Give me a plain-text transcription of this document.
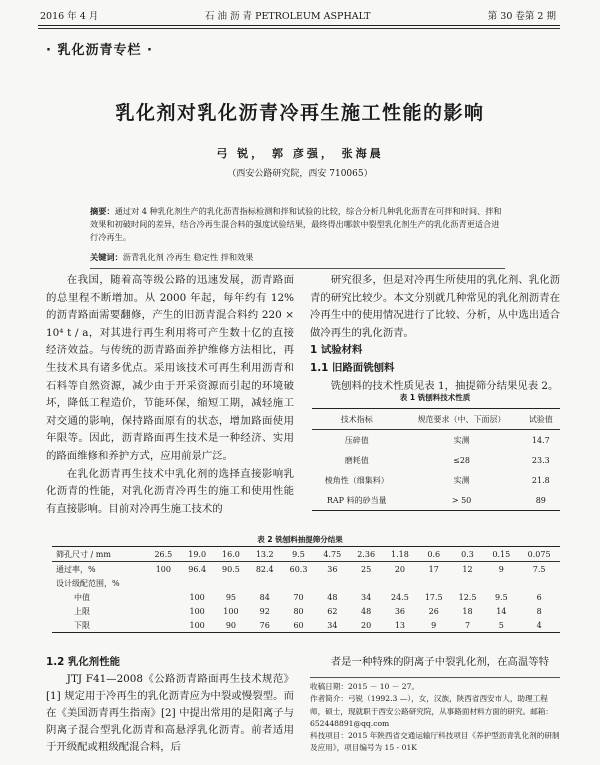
2016 年 4 月	石 油 沥 青 PETROLEUM ASPHALT	第 30 卷第 2 期
· 乳化沥青专栏 ·
乳化剂对乳化沥青冷再生施工性能的影响
弓 锐， 郭 彦强， 张海晨
（西安公路研究院，西安 710065）
摘要：通过对 4 种乳化剂生产的乳化沥青指标检测和拌和试验的比较，综合分析几种乳化沥青在可拌和时间、拌和效果和初破时间的差异，结合冷再生混合料的强度试验结果，最终得出哪款中裂型乳化剂生产的乳化沥青更适合进行冷再生。
关键词：沥青乳化剂 冷再生 稳定性 拌和效果

在我国，随着高等级公路的迅速发展，沥青路面的总里程不断增加。从 2000 年起，每年约有 12% 的沥青路面需要翻修，产生的旧沥青混合料约 220 × 10⁴ t / a，对其进行再生利用将可产生数十亿的直接经济效益。与传统的沥青路面养护维修方法相比，再生技术具有诸多优点。采用该技术可再生利用沥青和石料等自然资源，减少由于开采资源而引起的环境破坏，降低工程造价，节能环保，缩短工期，减轻施工对交通的影响，保持路面原有的状态，增加路面使用年限等。因此，沥青路面再生技术是一种经济、实用的路面维修和养护方式，应用前景广泛。

在乳化沥青再生技术中乳化剂的选择直接影响乳化沥青的性能，对乳化沥青冷再生的施工和使用性能有直接影响。目前对冷再生施工技术的

研究很多，但是对冷再生所使用的乳化剂、乳化沥青的研究比较少。本文分别就几种常见的乳化剂沥青在冷再生中的使用情况进行了比较、分析，从中选出适合做冷再生的乳化沥青。

1 试验材料

1.1 旧路面铣刨料

铣刨料的技术性质见表 1，抽提筛分结果见表 2。

表 1 铣刨料技术性质
技术指标	规范要求（中、下面层）	试验值
压碎值	实测	14.7
磨耗值	≤28	23.3
棱角性（细集料）	实测	21.8
RAP 料的砂当量	> 50	89
表 2 铣刨料抽提筛分结果
筛孔尺寸 / mm	26.5	19.0	16.0	13.2	9.5	4.75	2.36	1.18	0.6	0.3	0.15	0.075
通过率，%	100	96.4	90.5	82.4	60.3	36	25	20	17	12	9	7.5
设计级配范围，%												
中值		100	95	84	70	48	34	24.5	17.5	12.5	9.5	6
上限		100	100	92	80	62	48	36	26	18	14	8
下限		100	90	76	60	34	20	13	9	7	5	4

1.2 乳化剂性能

JTJ F41—2008《公路沥青路面再生技术规范》[1] 规定用于冷再生的乳化沥青应为中裂或慢裂型。而在《美国沥青再生指南》[2] 中提出常用的是阳离子与阴离子混合型乳化沥青和高悬浮乳化沥青。前者适用于开级配或粗级配混合料，后

者是一种特殊的阴离子中裂乳化剂，在高温等特

收稿日期：2015 － 10 － 27。
作者简介：弓锐（1992.3 —），女，汉族，陕西省西安市人，助理工程师，硕士，现就职于西安公路研究院，从事路面材料方面的研究。邮箱：652448891@qq.com
科技项目：2015 年陕西省交通运输厅科技项目《养护型沥青乳化剂的研制及应用》，项目编号为 15 - 01K
